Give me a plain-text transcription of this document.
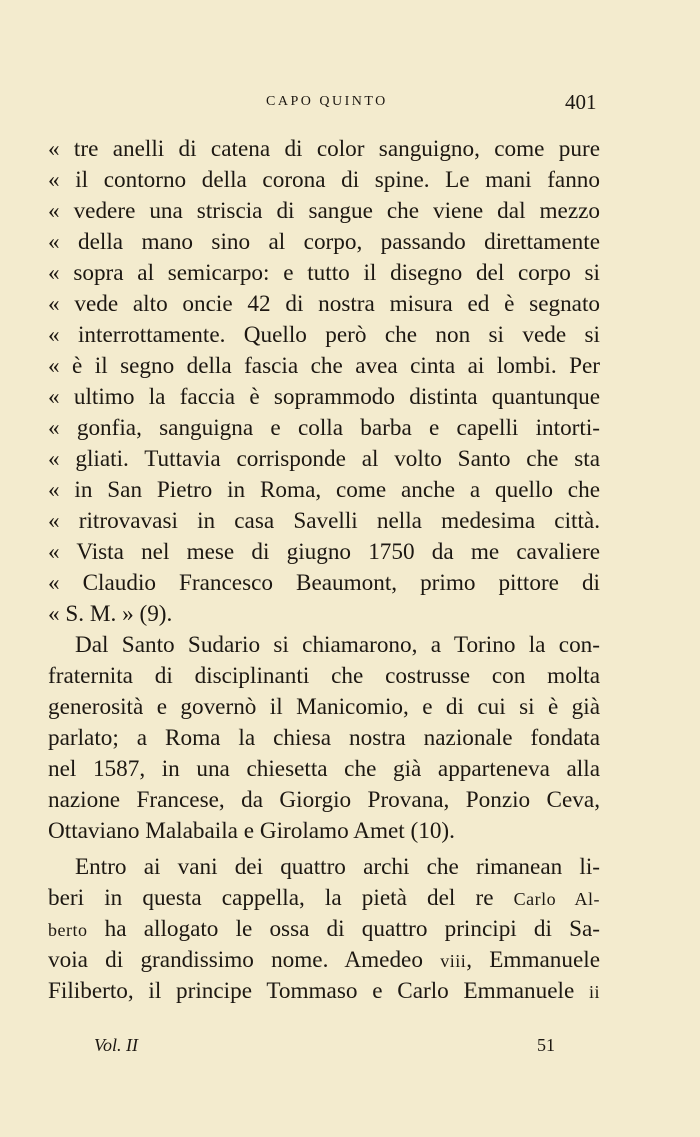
CAPO QUINTO	401
« tre anelli di catena di color sanguigno, come pure
« il contorno della corona di spine. Le mani fanno
« vedere una striscia di sangue che viene dal mezzo
« della mano sino al corpo, passando direttamente
« sopra al semicarpo: e tutto il disegno del corpo si
« vede alto oncie 42 di nostra misura ed è segnato
« interrottamente. Quello però che non si vede si
« è il segno della fascia che avea cinta ai lombi. Per
« ultimo la faccia è soprammodo distinta quantunque
« gonfia, sanguigna e colla barba e capelli intorti-
« gliati. Tuttavia corrisponde al volto Santo che sta
« in San Pietro in Roma, come anche a quello che
« ritrovavasi in casa Savelli nella medesima città.
« Vista nel mese di giugno 1750 da me cavaliere
« Claudio Francesco Beaumont, primo pittore di
« S. M. » (9).
Dal Santo Sudario si chiamarono, a Torino la con-
fraternita di disciplinanti che costrusse con molta
generosità e governò il Manicomio, e di cui si è già
parlato; a Roma la chiesa nostra nazionale fondata
nel 1587, in una chiesetta che già apparteneva alla
nazione Francese, da Giorgio Provana, Ponzio Ceva,
Ottaviano Malabaila e Girolamo Amet (10).
Entro ai vani dei quattro archi che rimanean li-
beri in questa cappella, la pietà del re Carlo Al-
berto ha allogato le ossa di quattro principi di Sa-
voia di grandissimo nome. Amedeo viii, Emmanuele
Filiberto, il principe Tommaso e Carlo Emmanuele ii
Vol. II	51
